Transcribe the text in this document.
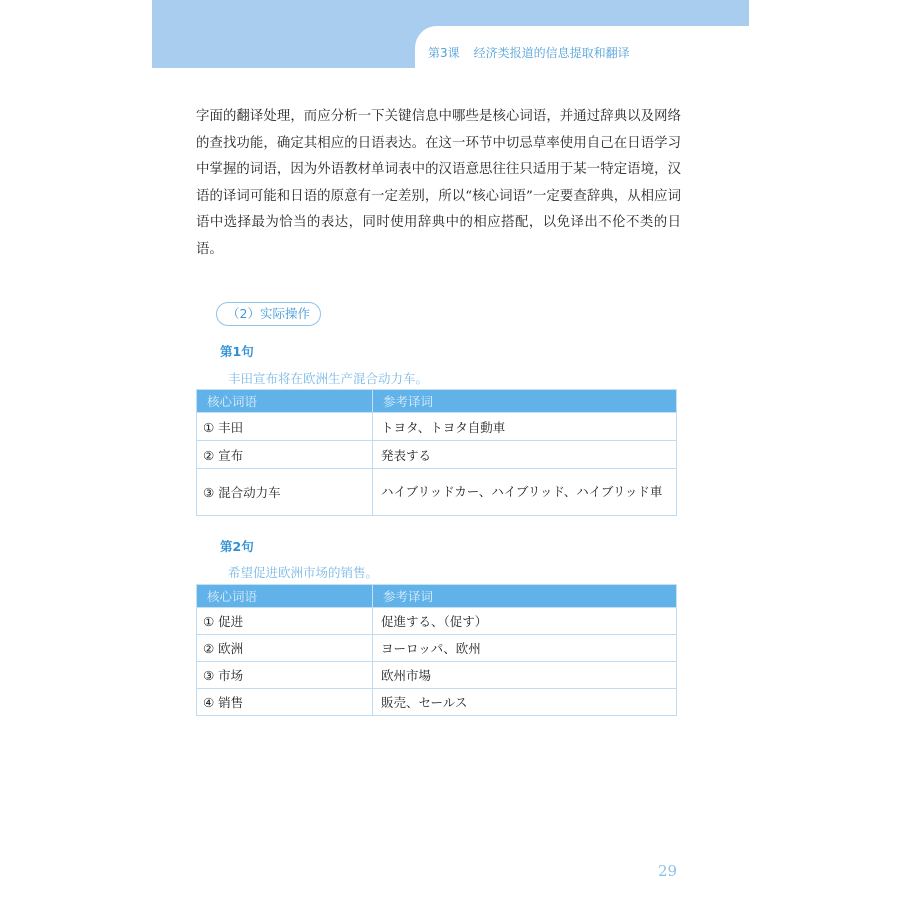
第3课 经济类报道的信息提取和翻译

字面的翻译处理，而应分析一下关键信息中哪些是核心词语，并通过辞典以及网络的查找功能，确定其相应的日语表达。在这一环节中切忌草率使用自己在日语学习中掌握的词语，因为外语教材单词表中的汉语意思往往只适用于某一特定语境，汉语的译词可能和日语的原意有一定差别，所以“核心词语”一定要查辞典，从相应词语中选择最为恰当的表达，同时使用辞典中的相应搭配，以免译出不伦不类的日语。

（2）实际操作
第1句
丰田宣布将在欧洲生产混合动力车。
核心词语	参考译词
① 丰田	トヨタ、トヨタ自動車
② 宣布	発表する
③ 混合动力车	ハイブリッドカー、ハイブリッド、ハイブリッド車
第2句
希望促进欧洲市场的销售。
核心词语	参考译词
① 促进	促進する、（促す）
② 欧洲	ヨーロッパ、欧州
③ 市场	欧州市場
④ 销售	販売、セールス
29
